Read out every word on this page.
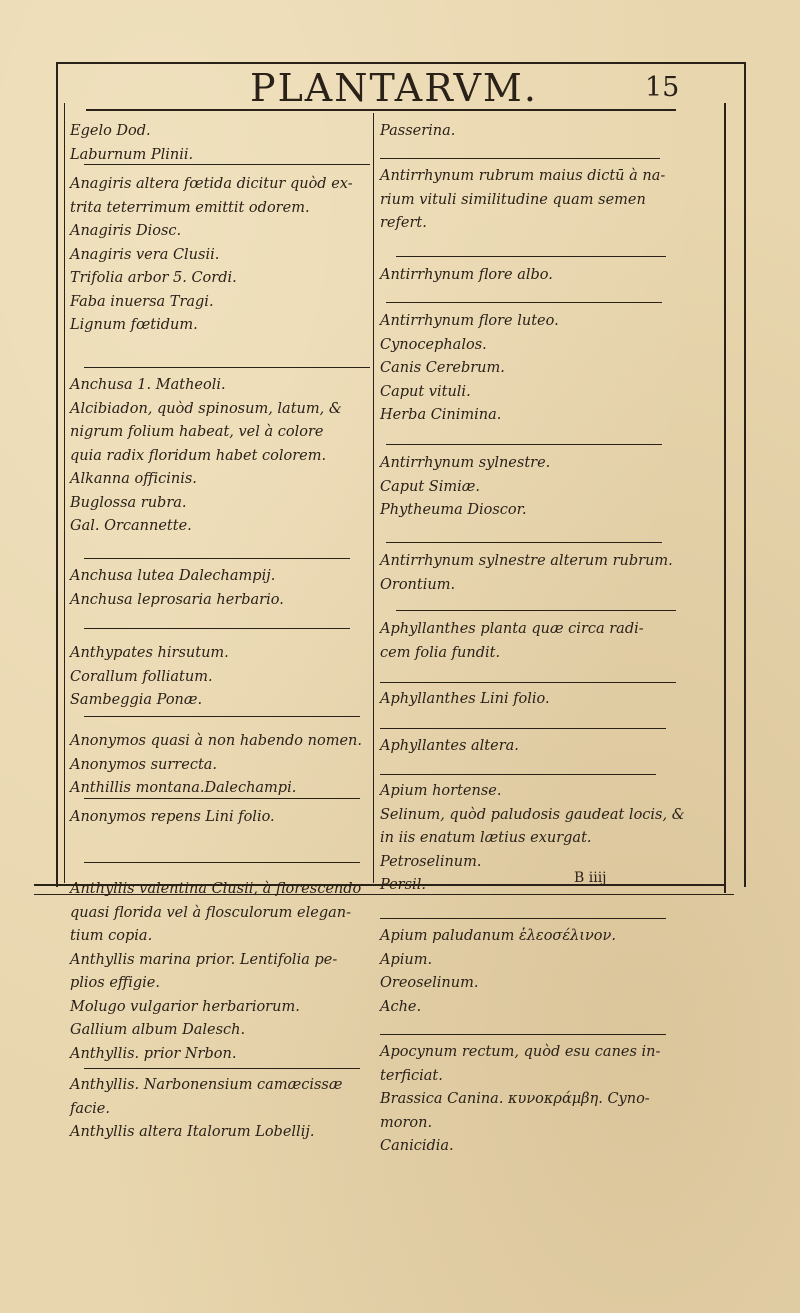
PLANTARVM.	15
B iiij
Egelo Dod.
Laburnum Plinii.
Anagiris altera fœtida dicitur quòd ex-
trita teterrimum emittit odorem.
Anagiris Diosc.
Anagiris vera Clusii.
Trifolia arbor 5. Cordi.
Faba inuersa Tragi.
Lignum fœtidum.
Anchusa 1. Matheoli.
Alcibiadon, quòd spinosum, latum, &
nigrum folium habeat, vel à colore
quia radix floridum habet colorem.
Alkanna officinis.
Buglossa rubra.
Gal. Orcannette.
Anchusa lutea Dalechampij.
Anchusa leprosaria herbario.
Anthypates hirsutum.
Corallum folliatum.
Sambeggia Ponæ.
Anonymos quasi à non habendo nomen.
Anonymos surrecta.
Anthillis montana.Dalechampi.
Anonymos repens Lini folio.
Anthyllis valentina Clusii, à florescendo
quasi florida vel à flosculorum elegan-
tium copia.
Anthyllis marina prior. Lentifolia pe-
plios effigie.
Molugo vulgarior herbariorum.
Gallium album Dalesch.
Anthyllis. prior Nrbon.
Anthyllis. Narbonensium camæcissæ
facie.
Anthyllis altera Italorum Lobellij.
Passerina.
Antirrhynum rubrum maius dictū à na-
rium vituli similitudine quam semen
refert.
Antirrhynum flore albo.
Antirrhynum flore luteo.
Cynocephalos.
Canis Cerebrum.
Caput vituli.
Herba Cinimina.
Antirrhynum sylnestre.
Caput Simiæ.
Phytheuma Dioscor.
Antirrhynum sylnestre alterum rubrum.
Orontium.
Aphyllanthes planta quæ circa radi-
cem folia fundit.
Aphyllanthes Lini folio.
Aphyllantes altera.
Apium hortense.
Selinum, quòd paludosis gaudeat locis, &
in iis enatum lætius exurgat.
Petroselinum.
Persil.
Apium paludanum ἑλεοσέλινον.
Apium.
Oreoselinum.
Ache.
Apocynum rectum, quòd esu canes in-
terficiat.
Brassica Canina. κυνοκράμβη. Cyno-
moron.
Canicidia.
